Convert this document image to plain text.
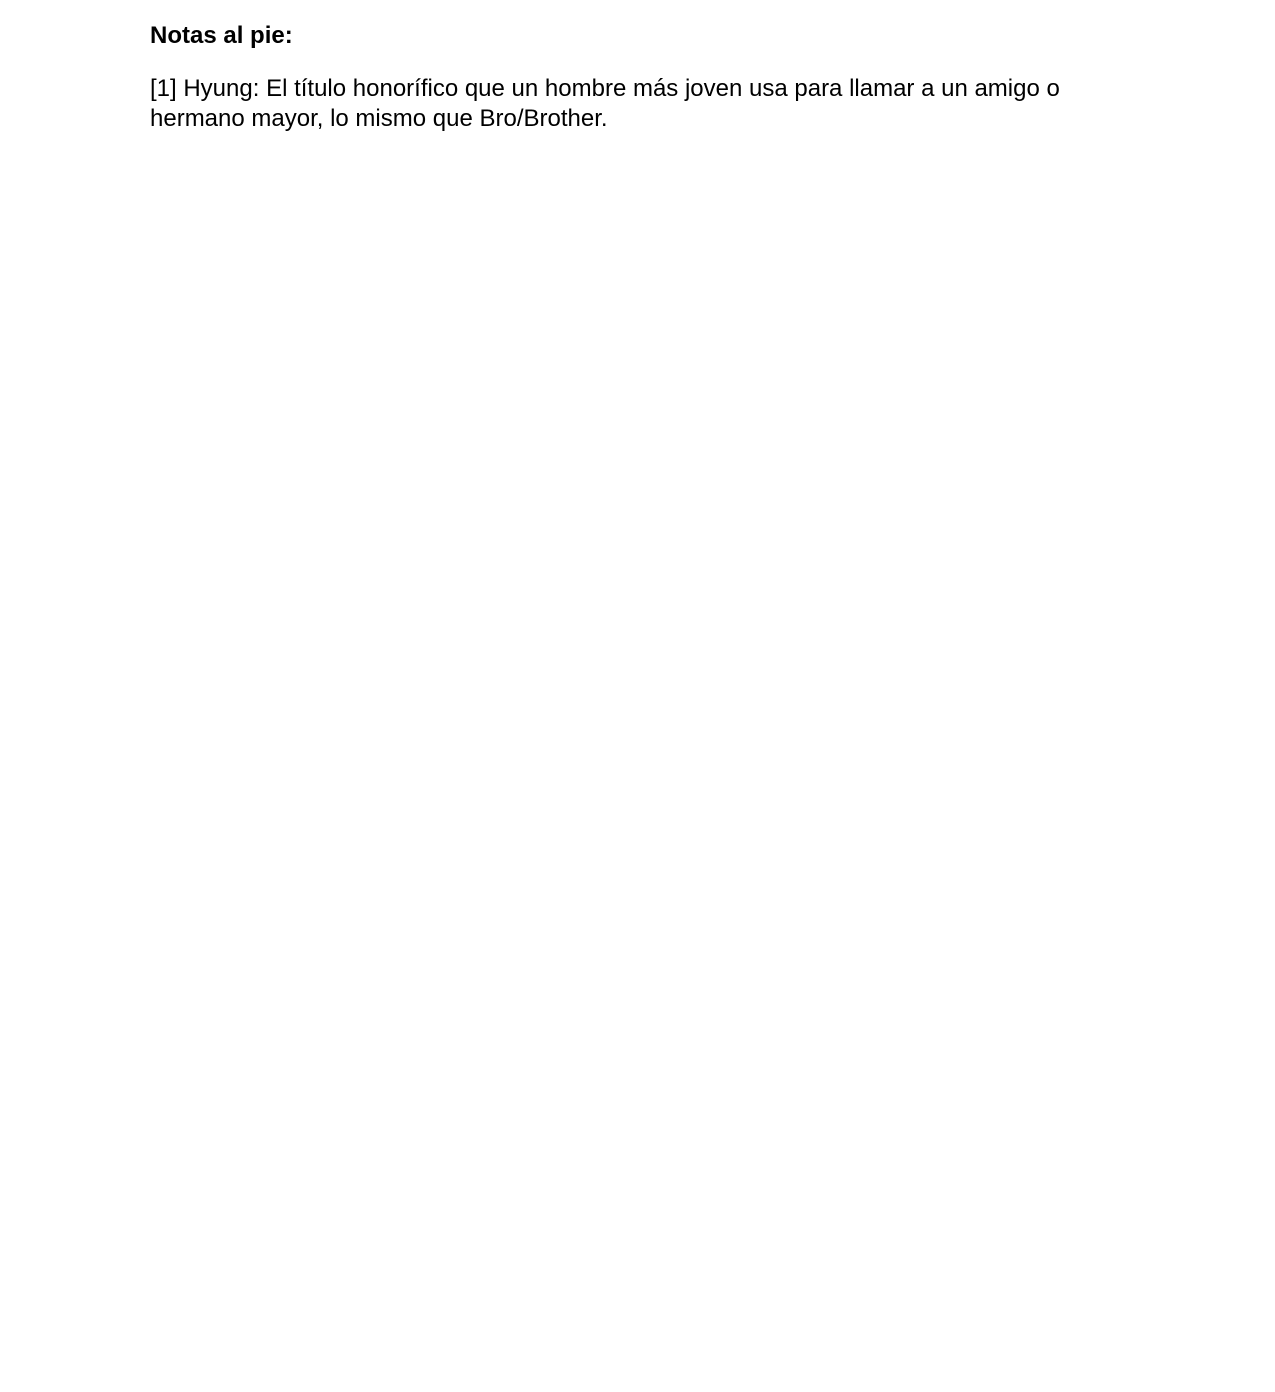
Notas al pie:

[1] Hyung: El título honorífico que un hombre más joven usa para llamar a un amigo o hermano mayor, lo mismo que Bro/Brother.
